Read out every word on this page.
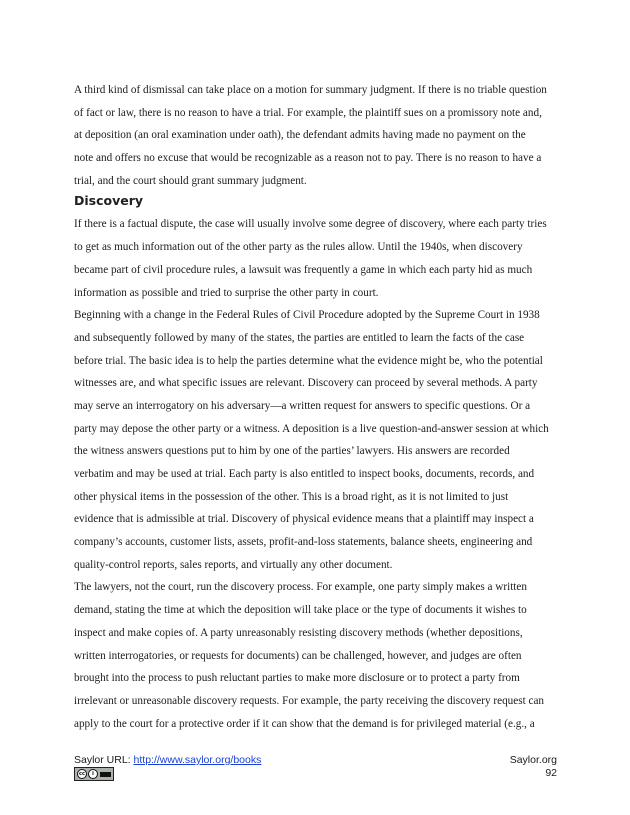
A third kind of dismissal can take place on a motion for summary judgment. If there is no triable question
of fact or law, there is no reason to have a trial. For example, the plaintiff sues on a promissory note and,
at deposition (an oral examination under oath), the defendant admits having made no payment on the
note and offers no excuse that would be recognizable as a reason not to pay. There is no reason to have a
trial, and the court should grant summary judgment.
Discovery
If there is a factual dispute, the case will usually involve some degree of discovery, where each party tries
to get as much information out of the other party as the rules allow. Until the 1940s, when discovery
became part of civil procedure rules, a lawsuit was frequently a game in which each party hid as much
information as possible and tried to surprise the other party in court.
Beginning with a change in the Federal Rules of Civil Procedure adopted by the Supreme Court in 1938
and subsequently followed by many of the states, the parties are entitled to learn the facts of the case
before trial. The basic idea is to help the parties determine what the evidence might be, who the potential
witnesses are, and what specific issues are relevant. Discovery can proceed by several methods. A party
may serve an interrogatory on his adversary—a written request for answers to specific questions. Or a
party may depose the other party or a witness. A deposition is a live question-and-answer session at which
the witness answers questions put to him by one of the parties’ lawyers. His answers are recorded
verbatim and may be used at trial. Each party is also entitled to inspect books, documents, records, and
other physical items in the possession of the other. This is a broad right, as it is not limited to just
evidence that is admissible at trial. Discovery of physical evidence means that a plaintiff may inspect a
company’s accounts, customer lists, assets, profit-and-loss statements, balance sheets, engineering and
quality-control reports, sales reports, and virtually any other document.
The lawyers, not the court, run the discovery process. For example, one party simply makes a written
demand, stating the time at which the deposition will take place or the type of documents it wishes to
inspect and make copies of. A party unreasonably resisting discovery methods (whether depositions,
written interrogatories, or requests for documents) can be challenged, however, and judges are often
brought into the process to push reluctant parties to make more disclosure or to protect a party from
irrelevant or unreasonable discovery requests. For example, the party receiving the discovery request can
apply to the court for a protective order if it can show that the demand is for privileged material (e.g., a
Saylor URL: http://www.saylor.org/books
cc	i
Saylor.org
92
